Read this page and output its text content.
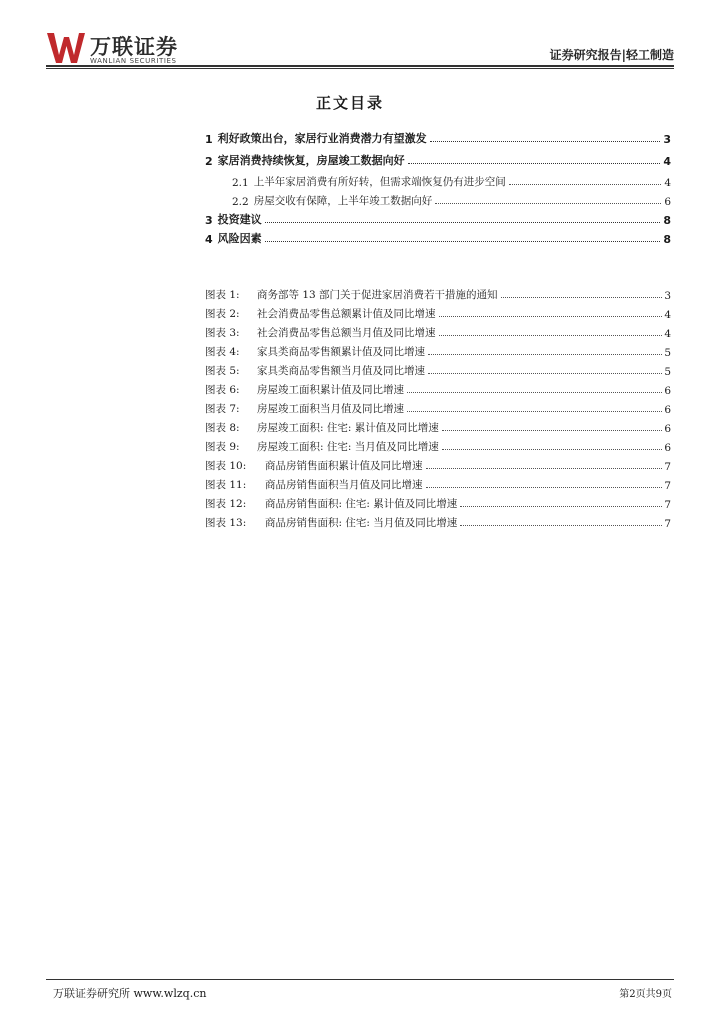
万联证券
WANLIAN SECURITIES	证券研究报告|轻工制造
正文目录
1 利好政策出台，家居行业消费潜力有望激发	3
2 家居消费持续恢复，房屋竣工数据向好	4
2.1 上半年家居消费有所好转，但需求端恢复仍有进步空间	4
2.2 房屋交收有保障，上半年竣工数据向好	6
3 投资建议	8
4 风险因素	8
图表 1:	商务部等 13 部门关于促进家居消费若干措施的通知	3
图表 2:	社会消费品零售总额累计值及同比增速	4
图表 3:	社会消费品零售总额当月值及同比增速	4
图表 4:	家具类商品零售额累计值及同比增速	5
图表 5:	家具类商品零售额当月值及同比增速	5
图表 6:	房屋竣工面积累计值及同比增速	6
图表 7:	房屋竣工面积当月值及同比增速	6
图表 8:	房屋竣工面积: 住宅: 累计值及同比增速	6
图表 9:	房屋竣工面积: 住宅: 当月值及同比增速	6
图表 10:	商品房销售面积累计值及同比增速	7
图表 11:	商品房销售面积当月值及同比增速	7
图表 12:	商品房销售面积: 住宅: 累计值及同比增速	7
图表 13:	商品房销售面积: 住宅: 当月值及同比增速	7
万联证券研究所 www.wlzq.cn	第2页共9页
